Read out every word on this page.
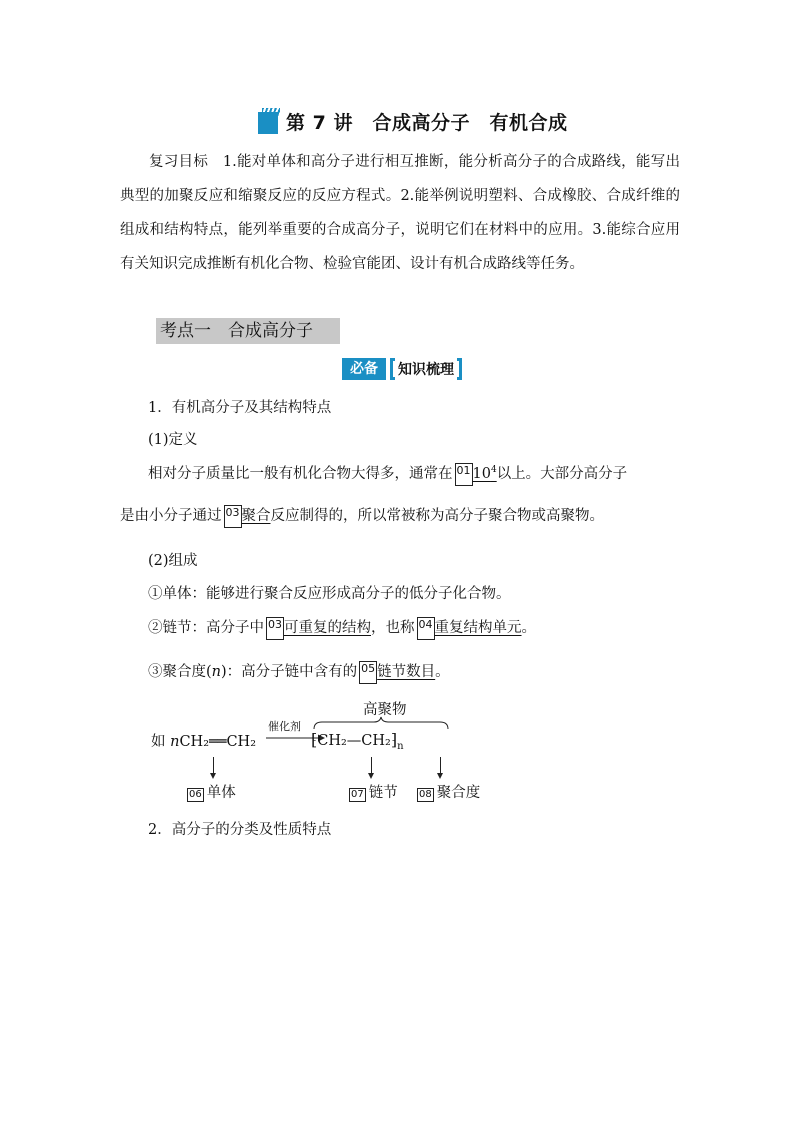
第 7 讲　合成高分子　有机合成
复习目标　1.能对单体和高分子进行相互推断，能分析高分子的合成路线，能写出典型的加聚反应和缩聚反应的反应方程式。2.能举例说明塑料、合成橡胶、合成纤维的组成和结构特点，能列举重要的合成高分子，说明它们在材料中的应用。3.能综合应用有关知识完成推断有机化合物、检验官能团、设计有机合成路线等任务。
考点一　合成高分子
必备	知识梳理
1．有机高分子及其结构特点
(1)定义
相对分子质量比一般有机化合物大得多，通常在 01 $10^4$以上。大部分高分子
是由小分子通过 03 聚合反应制得的，所以常被称为高分子聚合物或高聚物。
(2)组成
①单体：能够进行聚合反应形成高分子的低分子化合物。
②链节：高分子中 03 可重复的结构，也称 04 重复结构单元。
③聚合度(n)：高分子链中含有的 05 链节数目。
如 nCH₂══CH₂
催化剂
高聚物
$⁅CH_2—CH_2⁆_n$
06 单体	07 链节 08 聚合度
2．高分子的分类及性质特点
